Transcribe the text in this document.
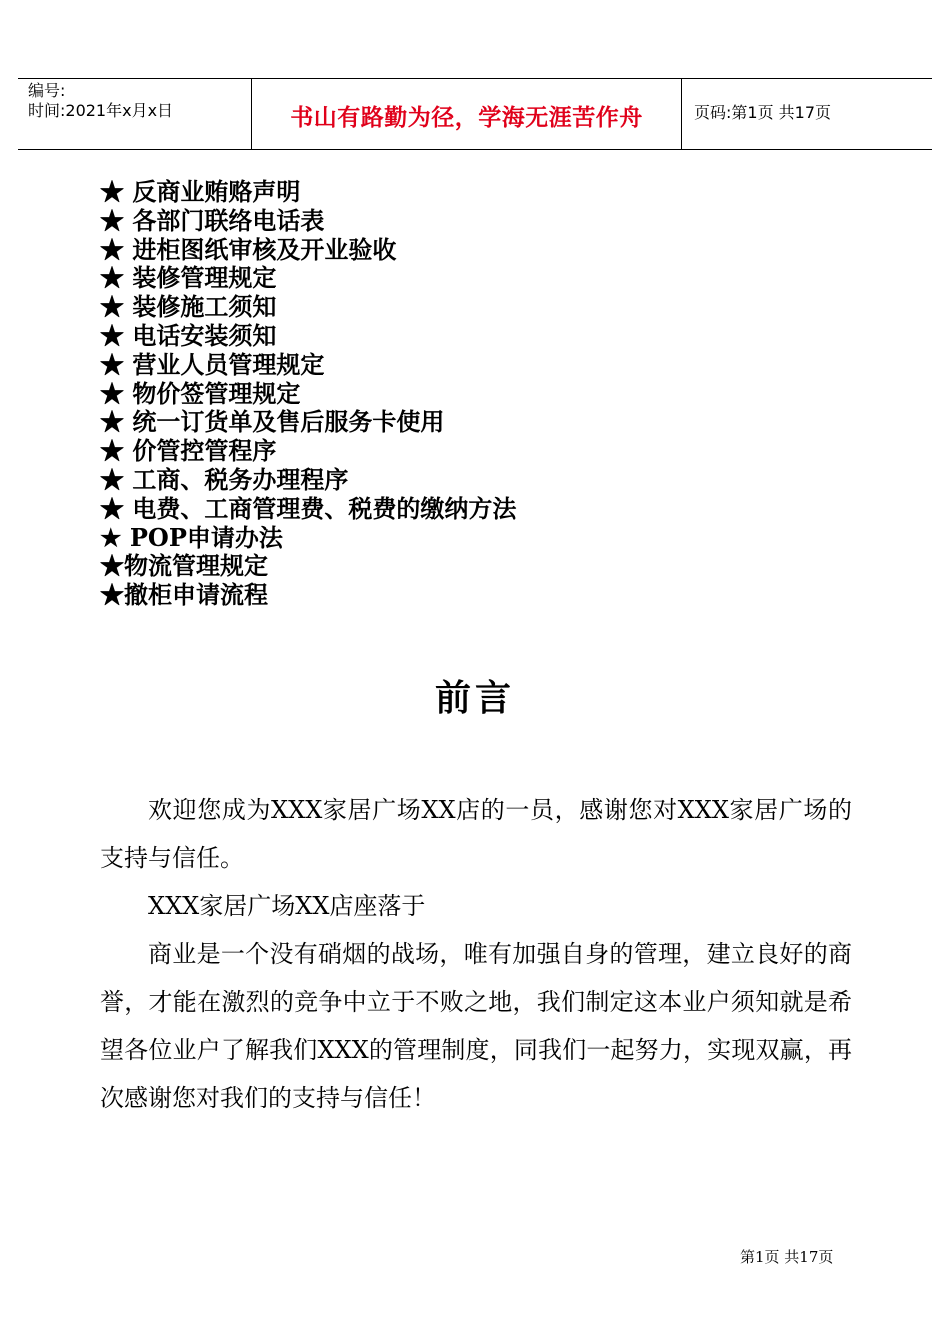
编号:
时间:2021年x月x日	书山有路勤为径，学海无涯苦作舟	页码:第1页 共17页
★ 反商业贿赂声明
★ 各部门联络电话表
★ 进柜图纸审核及开业验收
★ 装修管理规定
★ 装修施工须知
★ 电话安装须知
★ 营业人员管理规定
★ 物价签管理规定
★ 统一订货单及售后服务卡使用
★ 价管控管程序
★ 工商、税务办理程序
★ 电费、工商管理费、税费的缴纳方法
★ POP申请办法
★物流管理规定
★撤柜申请流程
前言

欢迎您成为XXX家居广场XX店的一员，感谢您对XXX家居广场的支持与信任。

XXX家居广场XX店座落于

商业是一个没有硝烟的战场，唯有加强自身的管理，建立良好的商誉，才能在激烈的竞争中立于不败之地，我们制定这本业户须知就是希望各位业户了解我们XXX的管理制度，同我们一起努力，实现双赢，再次感谢您对我们的支持与信任！

第1页 共17页
